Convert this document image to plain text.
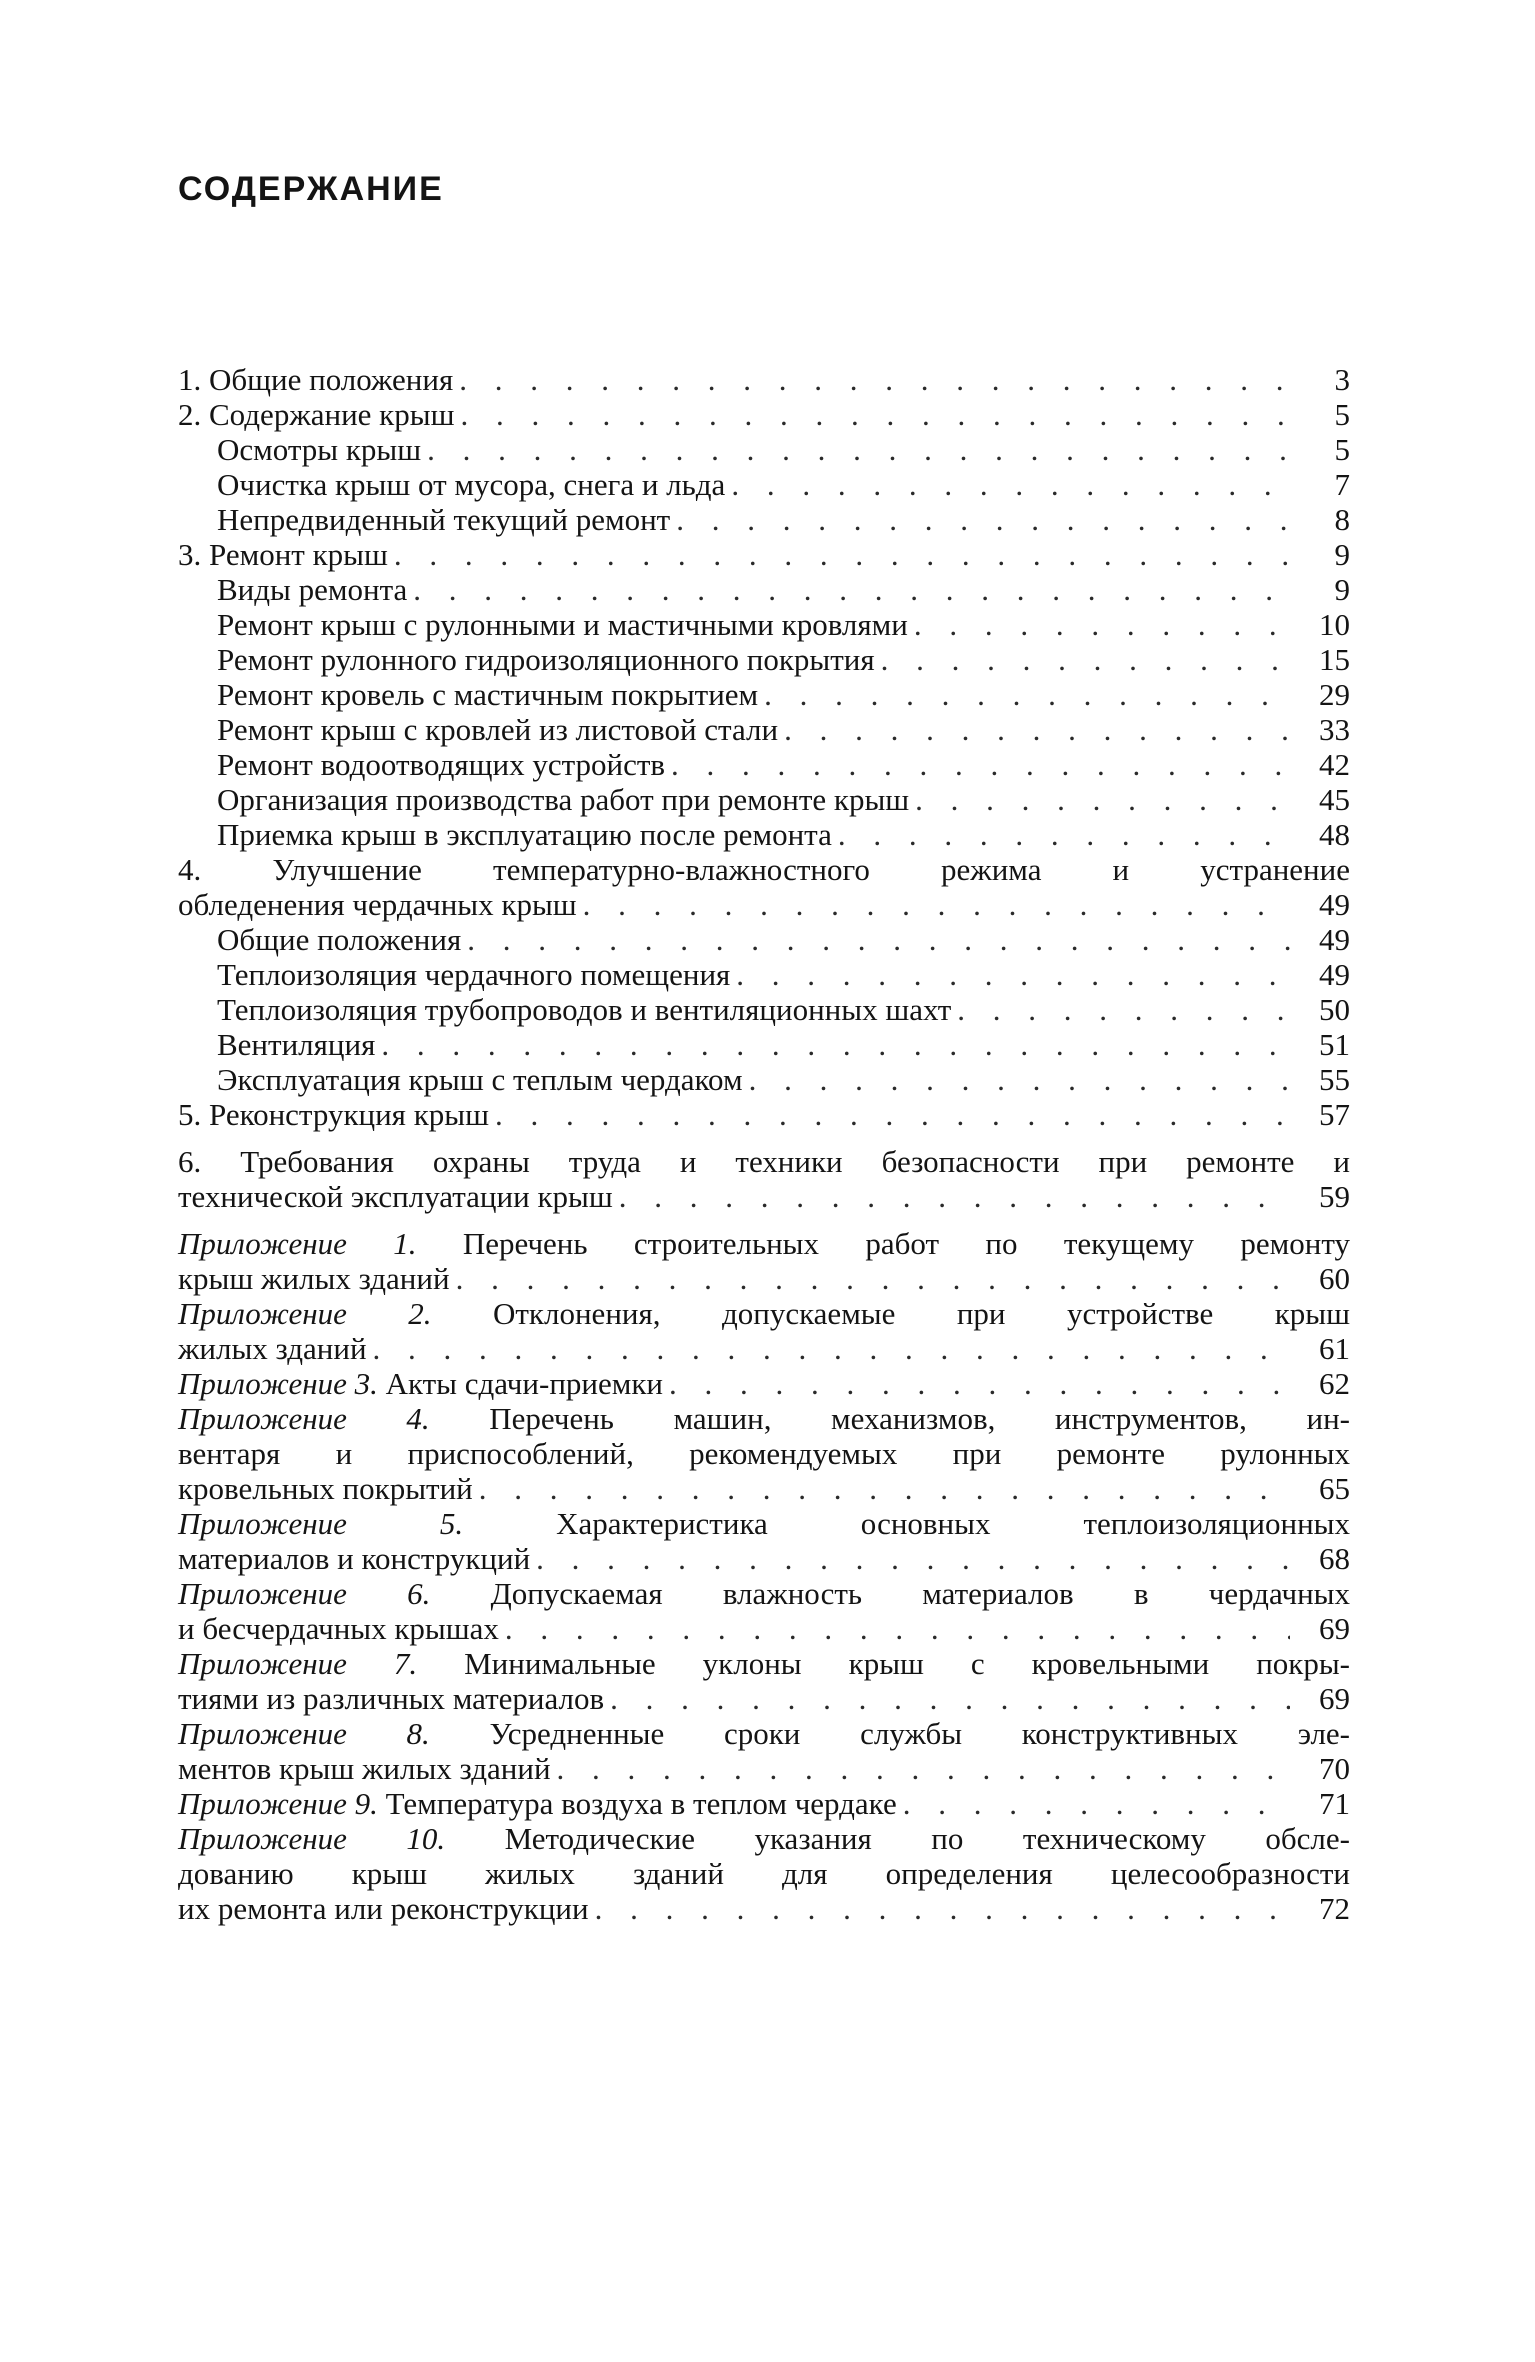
СОДЕРЖАНИЕ
1. Общие положения . . .	3
2. Содержание крыш . . .	5
Осмотры крыш . . .	5
Очистка крыш от мусора, снега и льда . . .	7
Непредвиденный текущий ремонт . . .	8
3. Ремонт крыш . . .	9
Виды ремонта . . .	9
Ремонт крыш с рулонными и мастичными кровлями . . .	10
Ремонт рулонного гидроизоляционного покрытия . . .	15
Ремонт кровель с мастичным покрытием . . .	29
Ремонт крыш с кровлей из листовой стали . . .	33
Ремонт водоотводящих устройств . . .	42
Организация производства работ при ремонте крыш . . .	45
Приемка крыш в эксплуатацию после ремонта . . .	48
4. Улучшение температурно-влажностного режима и устранение
обледенения чердачных крыш . . .	49
Общие положения . . .	49
Теплоизоляция чердачного помещения . . .	49
Теплоизоляция трубопроводов и вентиляционных шахт . . .	50
Вентиляция . . .	51
Эксплуатация крыш с теплым чердаком . . .	55
5. Реконструкция крыш . . .	57
6. Требования охраны труда и техники безопасности при ремонте и
технической эксплуатации крыш . . .	59
Приложение 1. Перечень строительных работ по текущему ремонту
крыш жилых зданий . . .	60
Приложение 2. Отклонения, допускаемые при устройстве крыш
жилых зданий . . .	61
Приложение 3. Акты сдачи-приемки . . .	62
Приложение 4. Перечень машин, механизмов, инструментов, ин-
вентаря и приспособлений, рекомендуемых при ремонте рулонных
кровельных покрытий . . .	65
Приложение 5. Характеристика основных теплоизоляционных
материалов и конструкций . . .	68
Приложение 6. Допускаемая влажность материалов в чердачных
и бесчердачных крышах . . .	69
Приложение 7. Минимальные уклоны крыш с кровельными покры-
тиями из различных материалов . . .	69
Приложение 8. Усредненные сроки службы конструктивных эле-
ментов крыш жилых зданий . . .	70
Приложение 9. Температура воздуха в теплом чердаке . . .	71
Приложение 10. Методические указания по техническому обсле-
дованию крыш жилых зданий для определения целесообразности
их ремонта или реконструкции . . .	72
